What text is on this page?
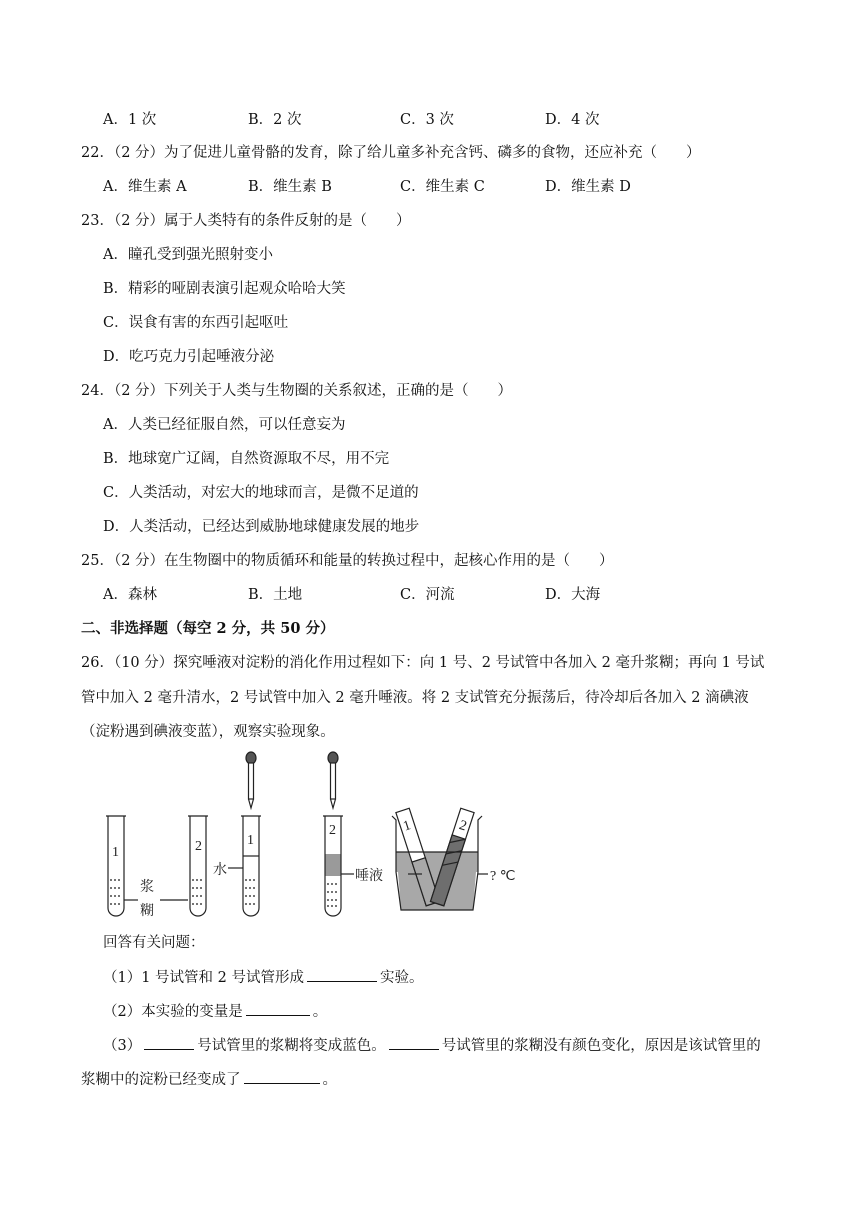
A．1 次	B．2 次	C．3 次	D．4 次
22．（2 分）为了促进儿童骨骼的发育，除了给儿童多补充含钙、磷多的食物，还应补充（　　）
A．维生素 A	B．维生素 B	C．维生素 C	D．维生素 D
23．（2 分）属于人类特有的条件反射的是（　　）
A．瞳孔受到强光照射变小
B．精彩的哑剧表演引起观众哈哈大笑
C．误食有害的东西引起呕吐
D．吃巧克力引起唾液分泌
24．（2 分）下列关于人类与生物圈的关系叙述，正确的是（　　）
A．人类已经征服自然，可以任意妄为
B．地球宽广辽阔，自然资源取不尽，用不完
C．人类活动，对宏大的地球而言，是微不足道的
D．人类活动，已经达到威胁地球健康发展的地步
25．（2 分）在生物圈中的物质循环和能量的转换过程中，起核心作用的是（　　）
A．森林	B．土地	C．河流	D．大海
二、非选择题（每空 2 分，共 50 分）
26．（10 分）探究唾液对淀粉的消化作用过程如下：向 1 号、2 号试管中各加入 2 毫升浆糊；再向 1 号试
管中加入 2 毫升清水，2 号试管中加入 2 毫升唾液。将 2 支试管充分振荡后，待冷却后各加入 2 滴碘液
（淀粉遇到碘液变蓝），观察实验现象。
1
浆
糊
2	1
水
2
唾液
1	2
? ℃
回答有关问题：
（1）1 号试管和 2 号试管形成	实验。
（2）本实验的变量是	。
（3）	号试管里的浆糊将变成蓝色。	号试管里的浆糊没有颜色变化，原因是该试管里的
浆糊中的淀粉已经变成了	。
